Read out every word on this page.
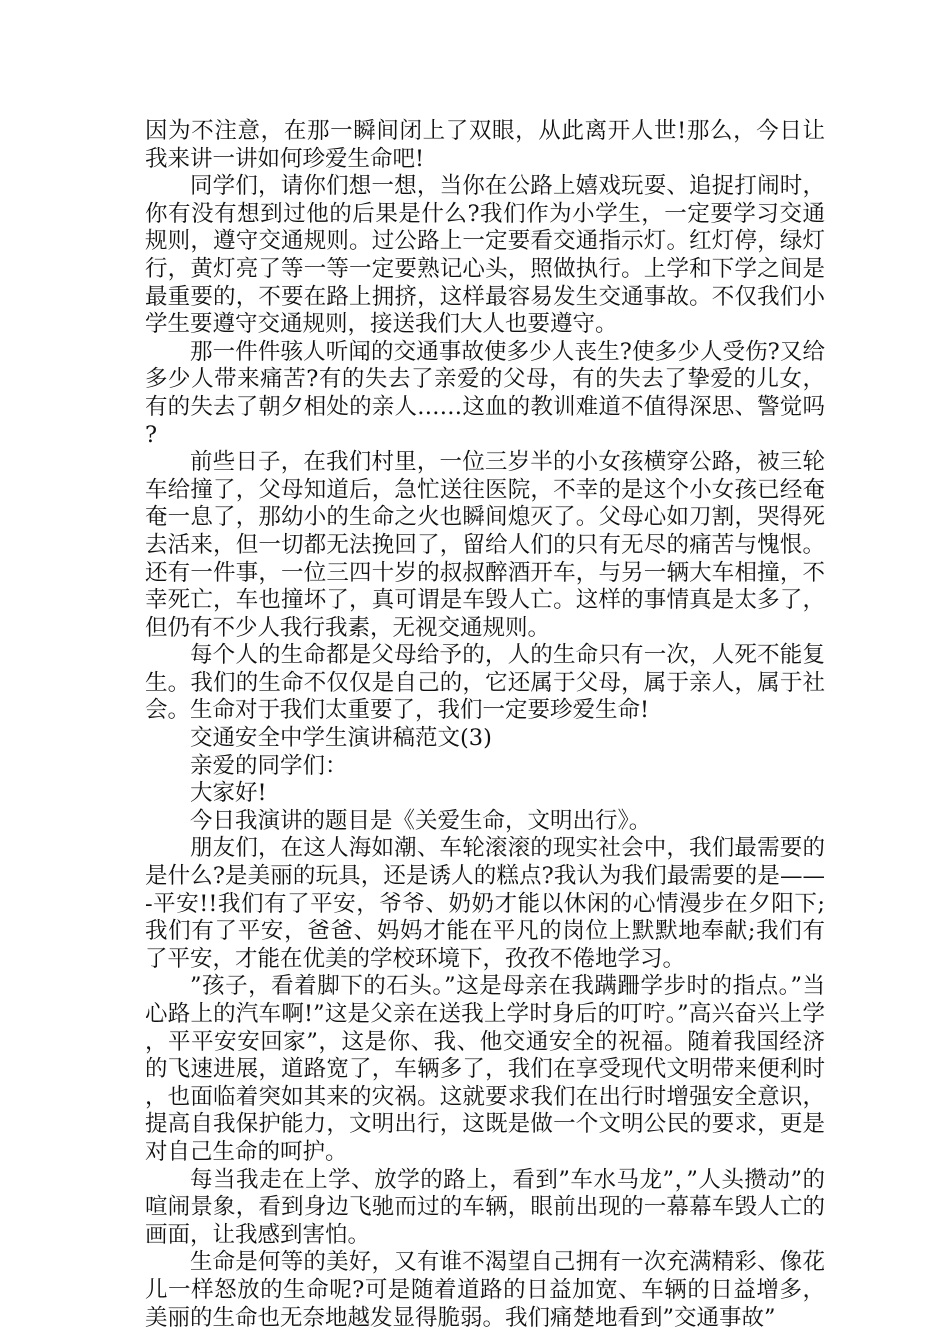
因为不注意，在那一瞬间闭上了双眼，从此离开人世!那么，今日让我来讲一讲如何珍爱生命吧!

同学们，请你们想一想，当你在公路上嬉戏玩耍、追捉打闹时，你有没有想到过他的后果是什么?我们作为小学生，一定要学习交通规则，遵守交通规则。过公路上一定要看交通指示灯。红灯停，绿灯行，黄灯亮了等一等一定要熟记心头，照做执行。上学和下学之间是最重要的，不要在路上拥挤，这样最容易发生交通事故。不仅我们小学生要遵守交通规则，接送我们大人也要遵守。

那一件件骇人听闻的交通事故使多少人丧生?使多少人受伤?又给多少人带来痛苦?有的失去了亲爱的父母，有的失去了挚爱的儿女，有的失去了朝夕相处的亲人……这血的教训难道不值得深思、警觉吗?

前些日子，在我们村里，一位三岁半的小女孩横穿公路，被三轮车给撞了，父母知道后，急忙送往医院，不幸的是这个小女孩已经奄奄一息了，那幼小的生命之火也瞬间熄灭了。父母心如刀割，哭得死去活来，但一切都无法挽回了，留给人们的只有无尽的痛苦与愧恨。还有一件事，一位三四十岁的叔叔醉酒开车，与另一辆大车相撞，不幸死亡，车也撞坏了，真可谓是车毁人亡。这样的事情真是太多了，但仍有不少人我行我素，无视交通规则。

每个人的生命都是父母给予的，人的生命只有一次，人死不能复生。我们的生命不仅仅是自己的，它还属于父母，属于亲人，属于社会。生命对于我们太重要了，我们一定要珍爱生命!

交通安全中学生演讲稿范文(3)

亲爱的同学们：

大家好!

今日我演讲的题目是《关爱生命，文明出行》。

朋友们，在这人海如潮、车轮滚滚的现实社会中，我们最需要的是什么?是美丽的玩具，还是诱人的糕点?我认为我们最需要的是——-平安!!我们有了平安，爷爷、奶奶才能以休闲的心情漫步在夕阳下;我们有了平安，爸爸、妈妈才能在平凡的岗位上默默地奉献;我们有了平安，才能在优美的学校环境下，孜孜不倦地学习。

”孩子，看着脚下的石头。”这是母亲在我蹒跚学步时的指点。”当心路上的汽车啊!”这是父亲在送我上学时身后的叮咛。”高兴奋兴上学，平平安安回家”，这是你、我、他交通安全的祝福。随着我国经济的飞速进展，道路宽了，车辆多了，我们在享受现代文明带来便利时，也面临着突如其来的灾祸。这就要求我们在出行时增强安全意识，提高自我保护能力，文明出行，这既是做一个文明公民的要求，更是对自己生命的呵护。

每当我走在上学、放学的路上，看到”车水马龙”，”人头攒动”的喧闹景象，看到身边飞驰而过的车辆，眼前出现的一幕幕车毁人亡的画面，让我感到害怕。

生命是何等的美好，又有谁不渴望自己拥有一次充满精彩、像花儿一样怒放的生命呢?可是随着道路的日益加宽、车辆的日益增多，美丽的生命也无奈地越发显得脆弱。我们痛楚地看到”交通事故”
